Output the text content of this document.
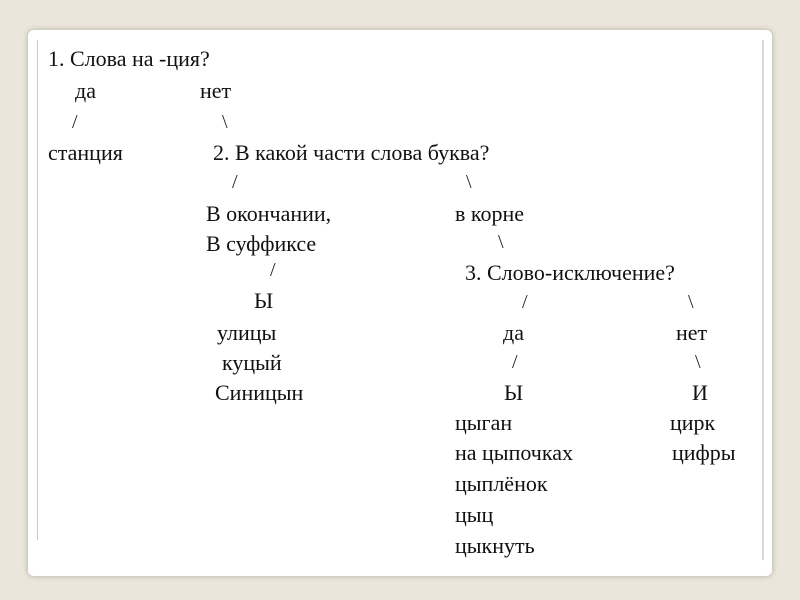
1. Слова на -ция?
да	нет
/	\
станция	2. В какой части слова буква?
/	\
В окончании,
В суффиксе
в корне
/
\
Ы
улицы
куцый
Синицын
3. Слово-исключение?
/	\
да	нет
/	\
Ы
цыган
на цыпочках
цыплёнок
цыц
цыкнуть
И
цирк
цифры
